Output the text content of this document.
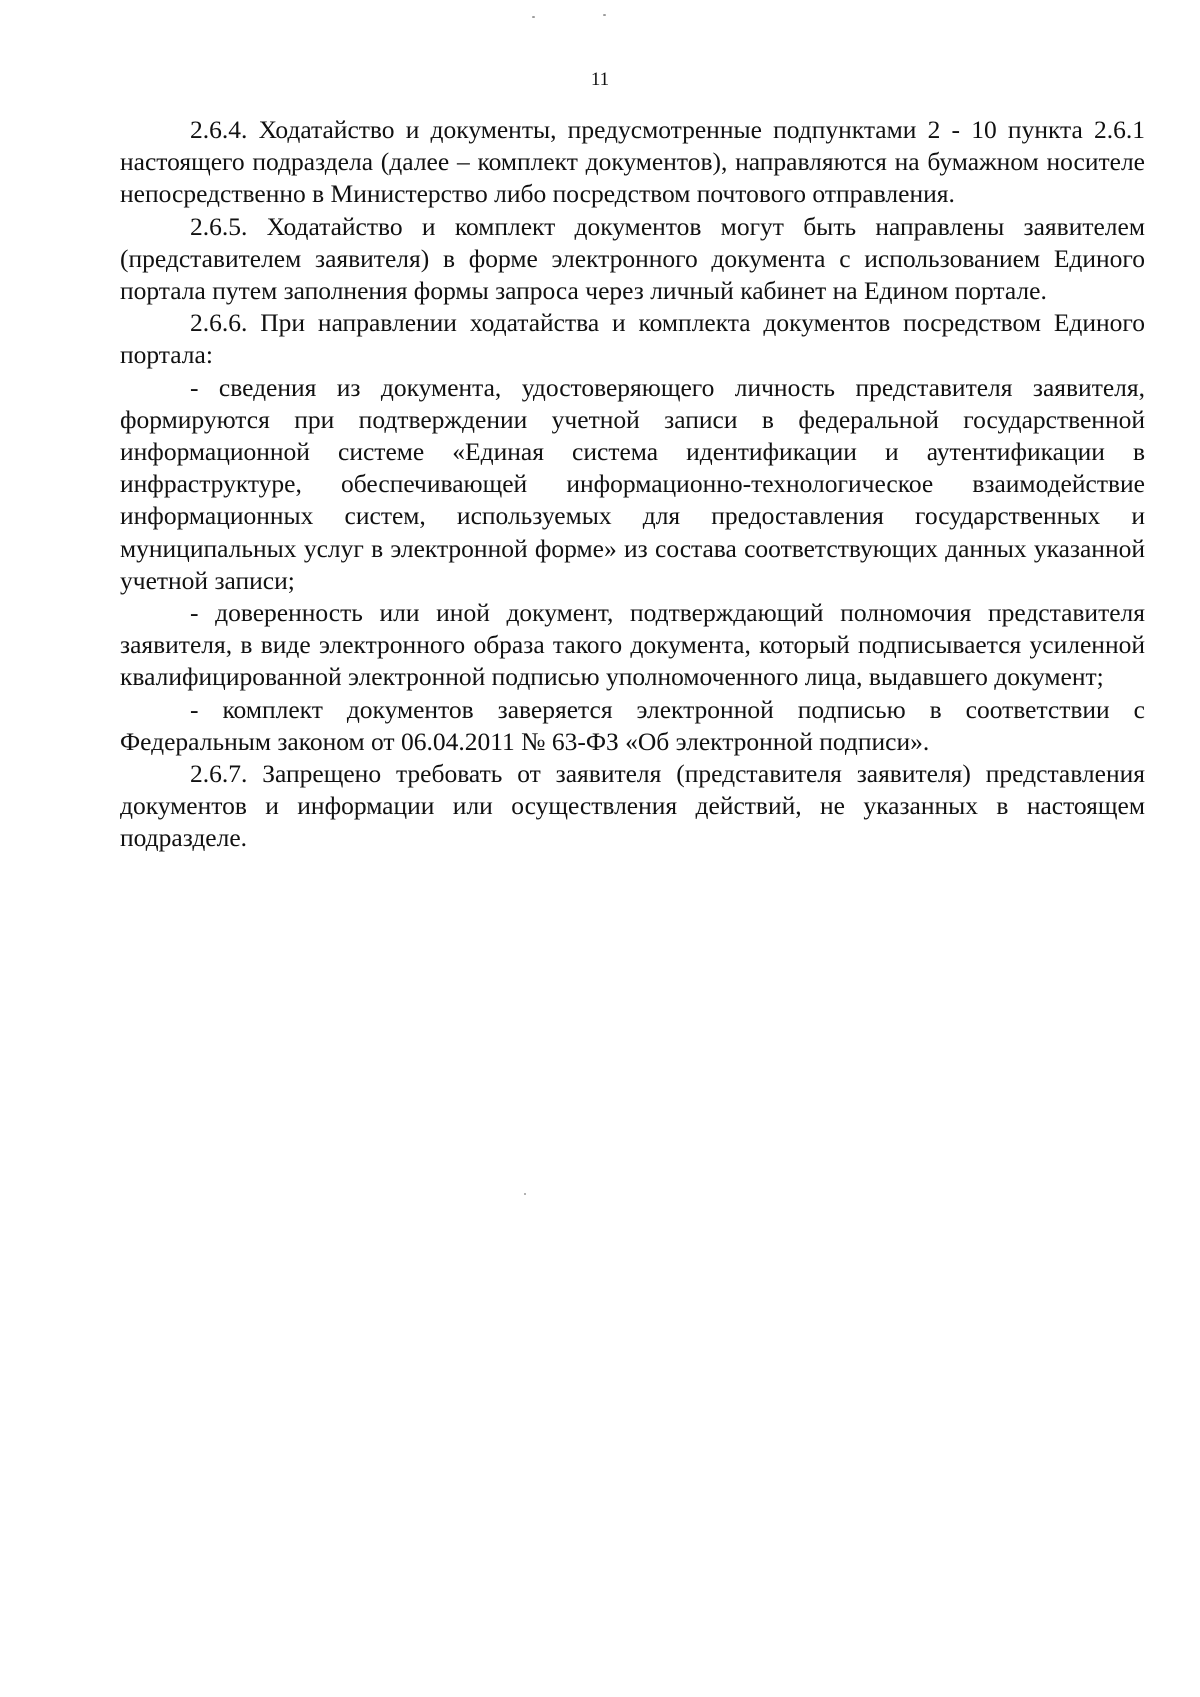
11

2.6.4. Ходатайство и документы, предусмотренные подпунктами 2 - 10 пункта 2.6.1 настоящего подраздела (далее – комплект документов), направляются на бумажном носителе непосредственно в Министерство либо посредством почтового отправления.

2.6.5. Ходатайство и комплект документов могут быть направлены заявителем (представителем заявителя) в форме электронного документа с использованием Единого портала путем заполнения формы запроса через личный кабинет на Едином портале.

2.6.6. При направлении ходатайства и комплекта документов посредством Единого портала:

- сведения из документа, удостоверяющего личность представителя заявителя, формируются при подтверждении учетной записи в федеральной государственной информационной системе «Единая система идентификации и аутентификации в инфраструктуре, обеспечивающей информационно-технологическое взаимодействие информационных систем, используемых для предоставления государственных и муниципальных услуг в электронной форме» из состава соответствующих данных указанной учетной записи;

- доверенность или иной документ, подтверждающий полномочия представителя заявителя, в виде электронного образа такого документа, который подписывается усиленной квалифицированной электронной подписью уполномоченного лица, выдавшего документ;

- комплект документов заверяется электронной подписью в соответствии с Федеральным законом от 06.04.2011 № 63-ФЗ «Об электронной подписи».

2.6.7. Запрещено требовать от заявителя (представителя заявителя) представления документов и информации или осуществления действий, не указанных в настоящем подразделе.
